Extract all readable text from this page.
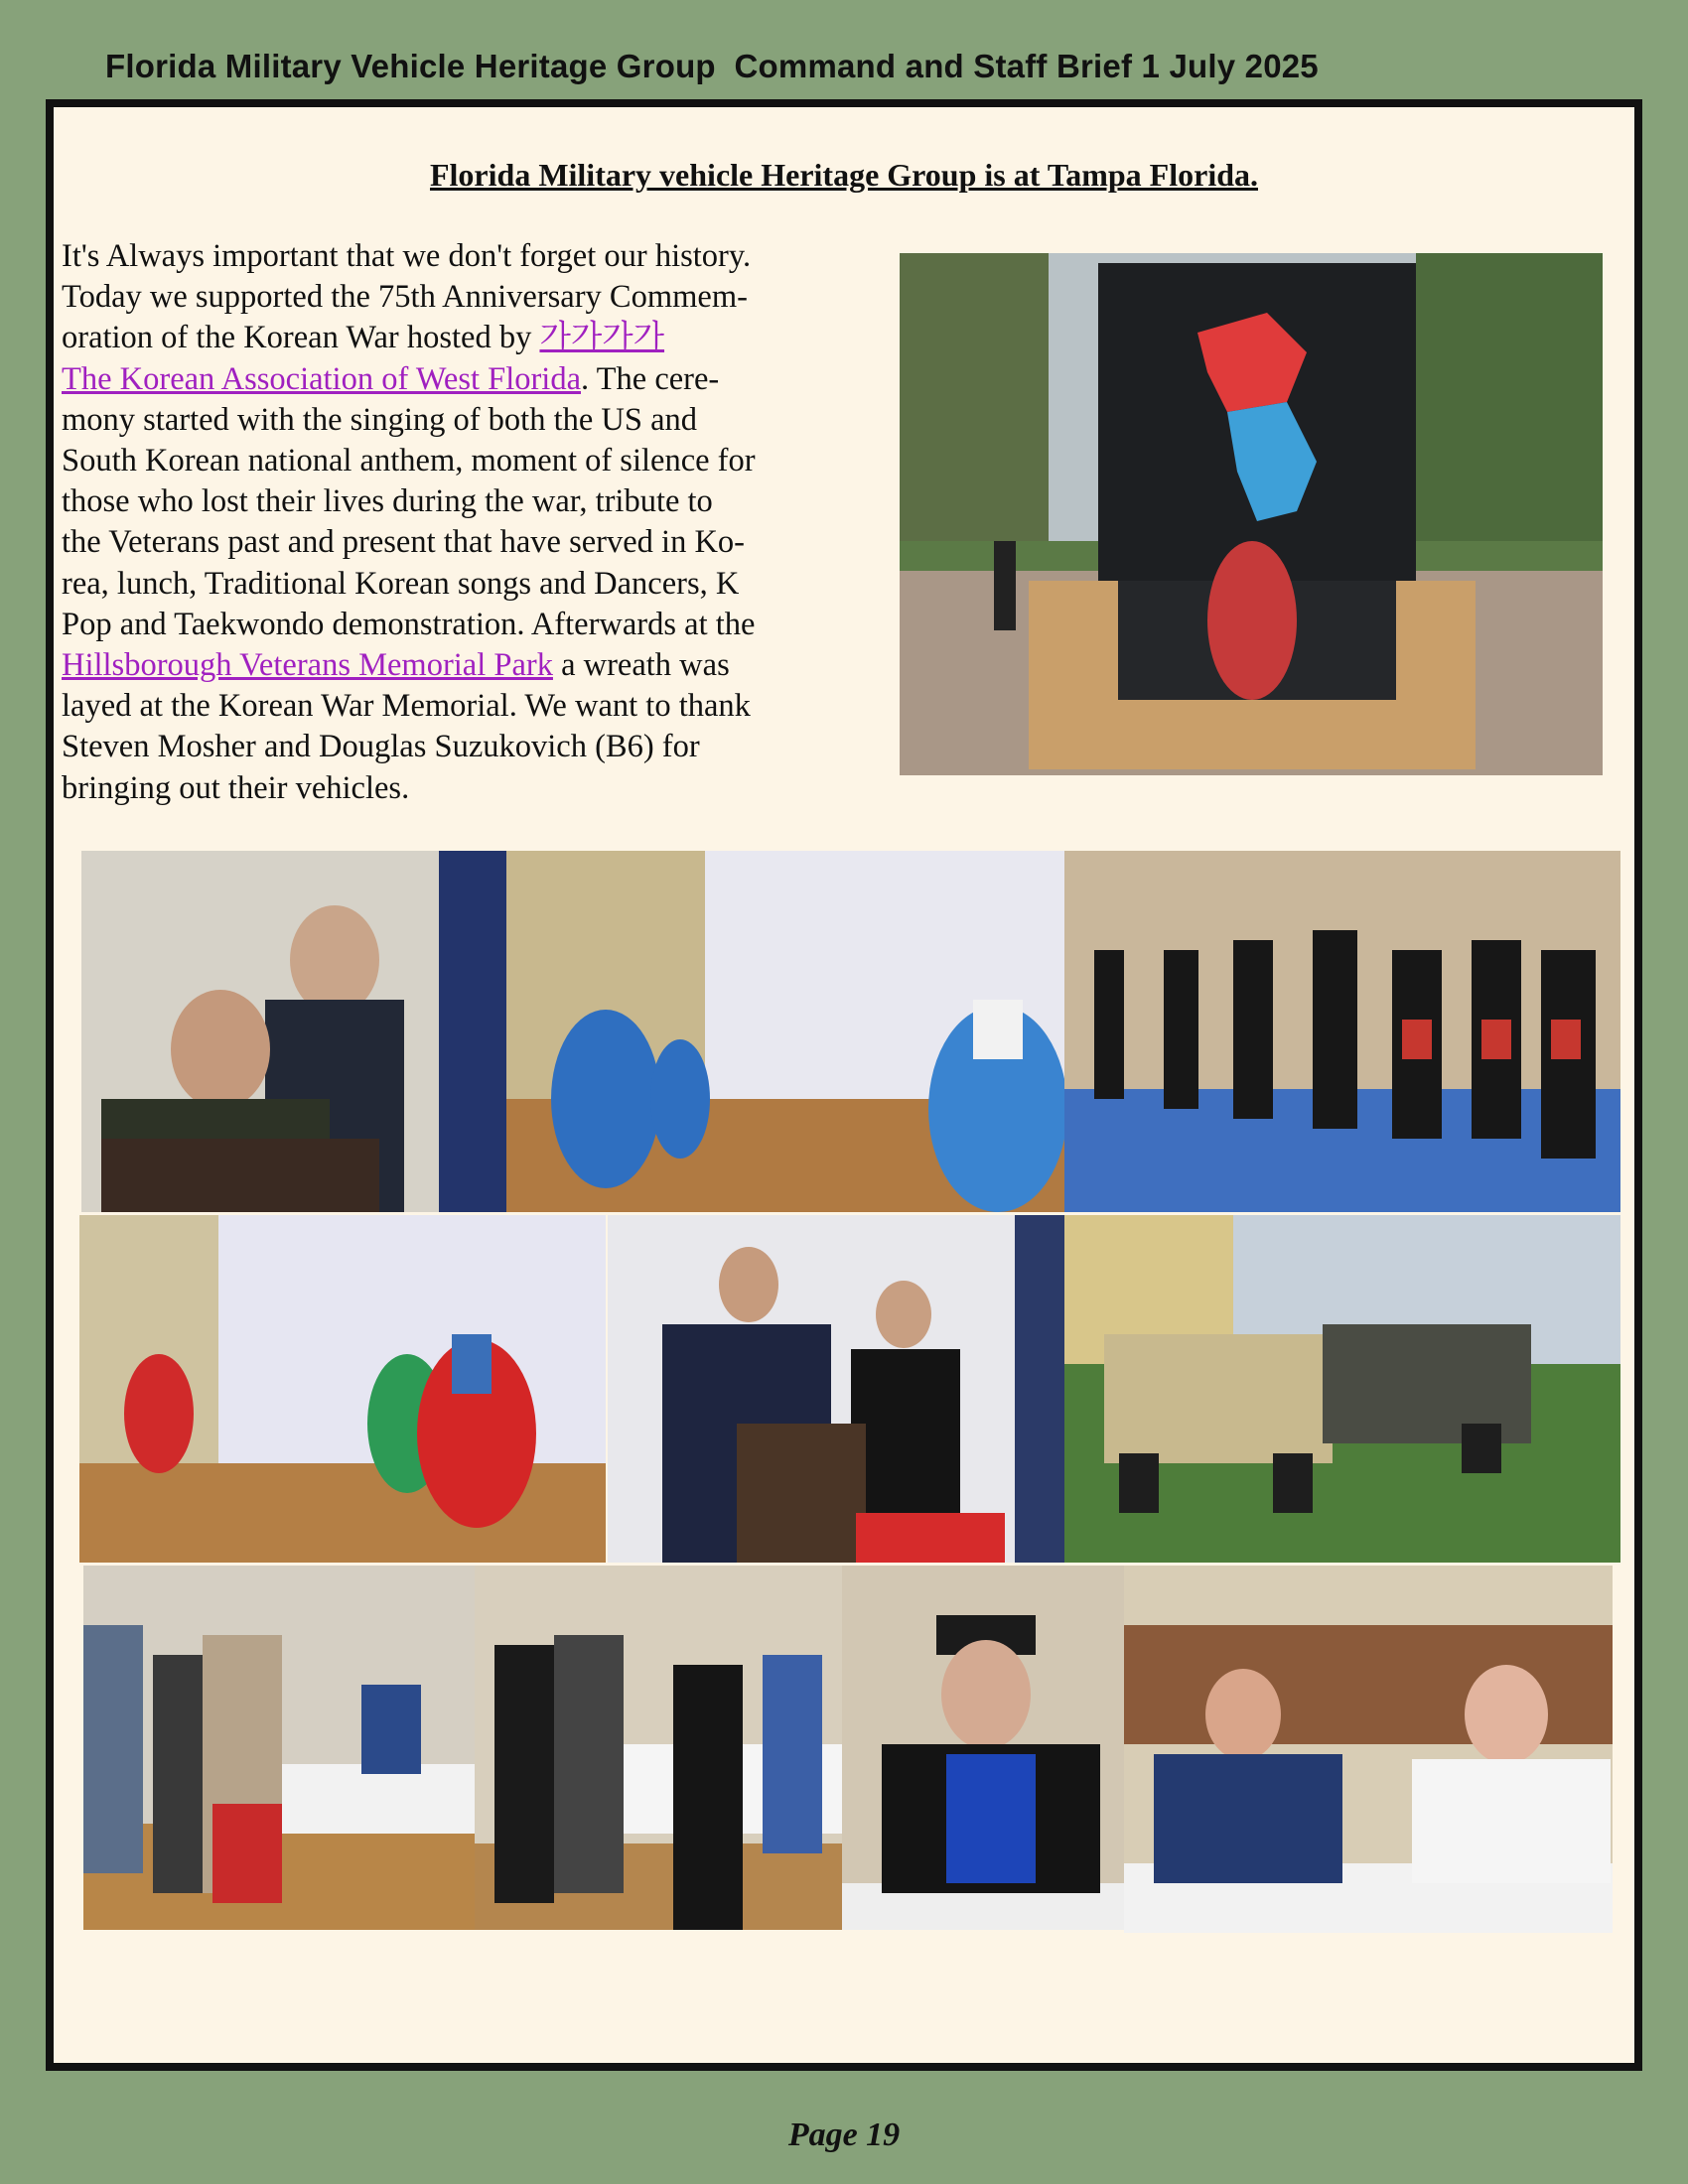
Florida Military Vehicle Heritage Group  Command and Staff Brief 1 July 2025
Florida Military vehicle Heritage Group is at Tampa Florida.
It's Always important that we don't forget our history.
Today we supported the 75th Anniversary Commem-
oration of the Korean War hosted by 가가가가
The Korean Association of West Florida. The cere-
mony started with the singing of both the US and
South Korean national anthem, moment of silence for
those who lost their lives during the war, tribute to
the Veterans past and present that have served in Ko-
rea, lunch, Traditional Korean songs and Dancers, K
Pop and Taekwondo demonstration. Afterwards at the
Hillsborough Veterans Memorial Park a wreath was
layed at the Korean War Memorial. We want to thank
Steven Mosher and Douglas Suzukovich (B6) for
bringing out their vehicles.
Page 19
